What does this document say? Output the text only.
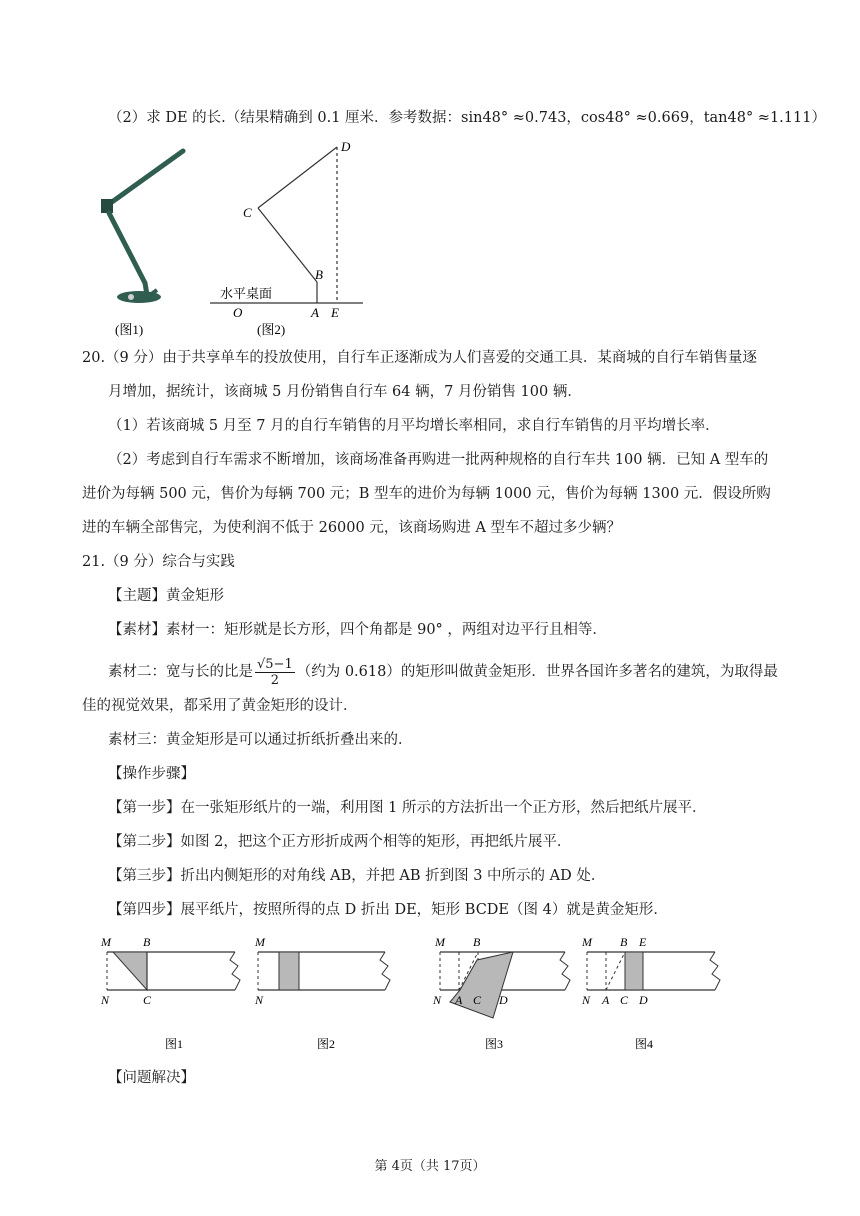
（2）求 DE 的长.（结果精确到 0.1 厘米．参考数据：sin48° ≈0.743，cos48° ≈0.669，tan48° ≈1.111）
D
C
B
O	A E
水平桌面
(图1)	(图2)
20.（9 分）由于共享单车的投放使用，自行车正逐渐成为人们喜爱的交通工具．某商城的自行车销售量逐
月增加，据统计，该商城 5 月份销售自行车 64 辆，7 月份销售 100 辆．
（1）若该商城 5 月至 7 月的自行车销售的月平均增长率相同，求自行车销售的月平均增长率．
（2）考虑到自行车需求不断增加，该商场准备再购进一批两种规格的自行车共 100 辆．已知 A 型车的
进价为每辆 500 元，售价为每辆 700 元；B 型车的进价为每辆 1000 元，售价为每辆 1300 元．假设所购
进的车辆全部售完，为使利润不低于 26000 元，该商场购进 A 型车不超过多少辆？
21.（9 分）综合与实践
【主题】黄金矩形
【素材】素材一：矩形就是长方形，四个角都是 90° ，两组对边平行且相等．
素材二：宽与长的比是 $\frac{√5-1}{2}$ （约为 0.618）的矩形叫做黄金矩形．世界各国许多著名的建筑，为取得最
佳的视觉效果，都采用了黄金矩形的设计．
素材三：黄金矩形是可以通过折纸折叠出来的．
【操作步骤】
【第一步】在一张矩形纸片的一端，利用图 1 所示的方法折出一个正方形，然后把纸片展平．
【第二步】如图 2，把这个正方形折成两个相等的矩形，再把纸片展平．
【第三步】折出内侧矩形的对角线 AB，并把 AB 折到图 3 中所示的 AD 处．
【第四步】展平纸片，按照所得的点 D 折出 DE，矩形 BCDE（图 4）就是黄金矩形．
M	B
N	C
图1
M
N
图2
M B
N A C D
图3
M B E
N A C D
图4
【问题解决】
第 4页（共 17页）
